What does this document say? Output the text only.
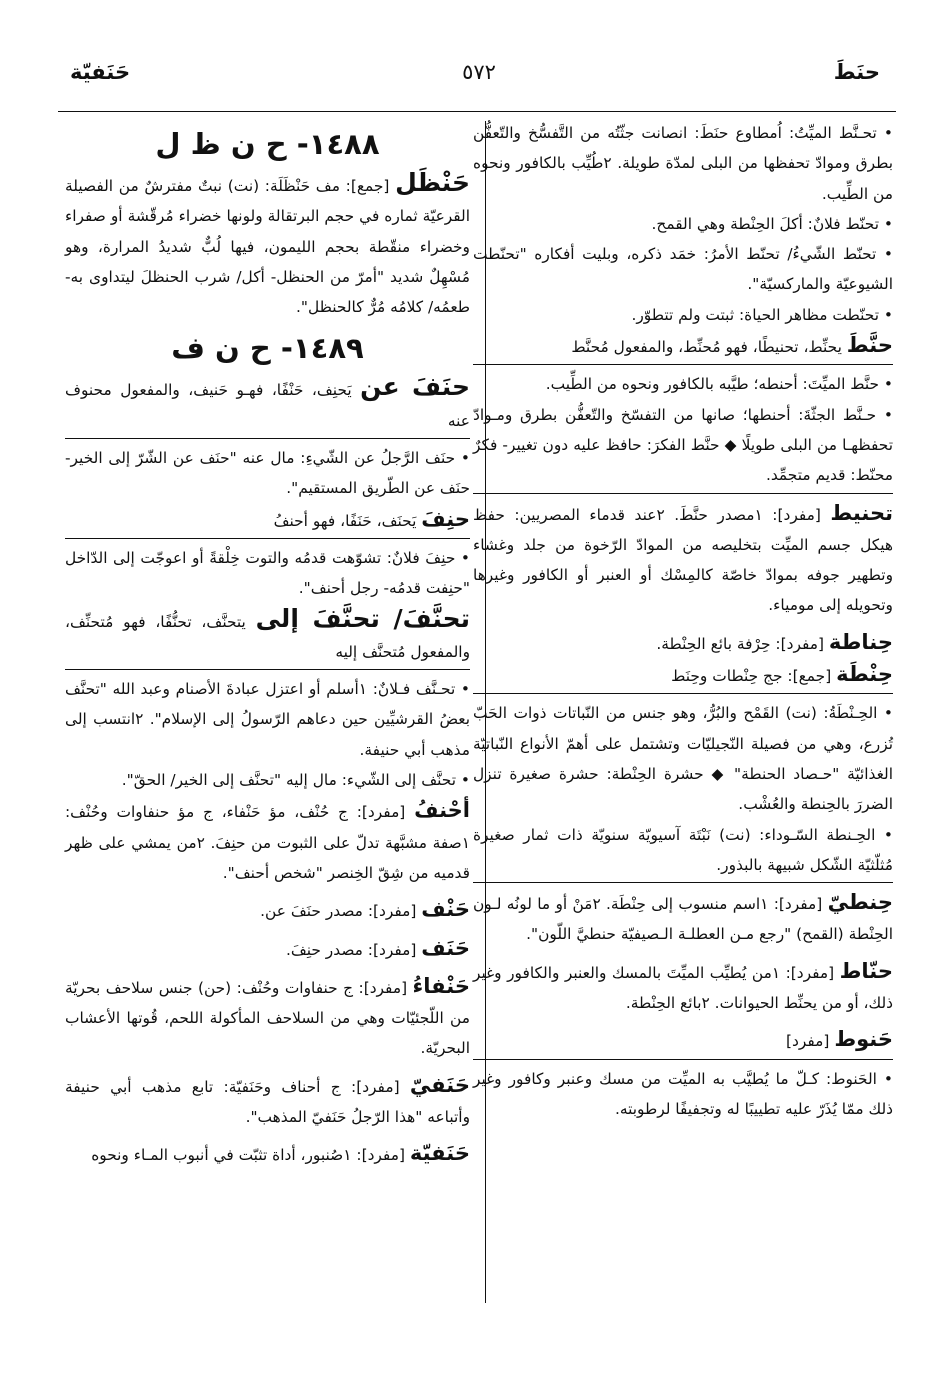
حنَطَ
٥٧٢
حَنَفيّة

• تحـنَّط الميِّتُ: اُمطاوع حنَطَ: انصانت جثّتُه من التَّفسُّخ والتّعفُّن بطرق وموادّ تحفظها من البلى لمدّة طويلة. ٢طُيِّب بالكافور ونحوه من الطِّيب.

• تحنّط فلانٌ: أكلَ الحِنْطة وهي القمح.

• تحنّط الشّيءُ/ تحنّط الأمرُ: خمَد ذكره، وبليت أفكاره "تحنّطت الشيوعيّة والماركسيّة".

• تحنّطت مظاهر الحياة: ثبتت ولم تتطوّر.

حنَّطَ يحنِّط، تحنيطًا، فهو مُحنِّط، والمفعول مُحنَّط

• حنَّط الميِّتَ: أحنطه؛ طيَّبه بالكافور ونحوه من الطِّيب.

• حـنَّط الجثّةَ: أحنطها؛ صانها من التفسّخ والتّعفُّن بطرق ومـوادّ تحفظهـا من البلى طويلًا ◆ حنَّط الفكرَ: حافظ عليه دون تغيير- فكرٌ محنّط: قديم متجمِّد.

تحنيط [مفرد]: ١مصدر حنَّطَ. ٢عند قدماء المصريين: حفظ هيكل جسم الميِّت بتخليصه من الموادّ الرّخوة من جلد وغشاء وتطهير جوفه بموادّ خاصّة كالمِسْك أو العنبر أو الكافور وغيرها وتحويله إلى مومياء.

حِناطة [مفرد]: حِرْفة بائع الحِنْطة.

حِنْطَة [جمع]: جج حِنْطات وحِنَط

• الحِـنْطَةُ: (نت) القَمْح والبُرُّ، وهو جنس من النّباتات ذوات الحَبّ تُزرع، وهي من فصيلة النّجيليّات وتشتمل على أهمّ الأنواع النّباتيّة الغذائيّة "حـصاد الحنطة" ◆ حشرة الحِنْطة: حشرة صغيرة تنزل الضررَ بالحِنطة والعُشْب.

• الحِـنطة السّـوداء: (نت) نَبْتَة آسيويّة سنويّة ذات ثمار صغيرة مُثلّثيّة الشّكل شبيهة بالبذور.

حِنطيّ [مفرد]: ١اسم منسوب إلى حِنْطَة. ٢مَنْ أو ما لونُه لـون الحِنْطة (القمح) "رجع مـن العطلـة الـصيفيّة حنطيَّ اللّون".

حنّاط [مفرد]: ١من يُطيِّب الميِّتَ بالمسك والعنبر والكافور وغير ذلك، أو من يحنِّط الحيوانات. ٢بائع الحِنْطة.

حَنوط [مفرد]

• الحَنوط: كـلّ ما يُطيَّب به الميِّت من مسك وعنبر وكافور وغير ذلك ممّا يُذَرّ عليه تطييبًا له وتجفيفًا لرطوبته.

١٤٨٨- ح ن ظ ل

حَنْظَل [جمع]: مف حَنْظَلَة: (نت) نبتٌ مفترشٌ من الفصيلة القرعيّة ثماره في حجم البرتقالة ولونها خضراء مُرقّشة أو صفراء وخضراء منقّطة بحجم الليمون، فيها لُبٌّ شديدُ المرارة، وهو مُسْهِلٌ شديد "أمرّ من الحنظل- أكل/ شرب الحنظلَ ليتداوى به- طعمُه/ كلامُه مُرٌّ كالحنظل".

١٤٨٩- ح ن ف

حنَفَ عن يَحنِف، حَنْفًا، فهـو حَنيف، والمفعول محنوف عنه

• حنَف الرَّجلُ عن الشّيءِ: مال عنه "حنَف عن الشّرّ إلى الخير- حنَف عن الطّريق المستقيم".

حنِفَ يَحنَف، حَنَفًا، فهو أحنفُ

• حنِفَ فلانٌ: تشوّهت قدمُه والتوت خِلْقةً أو اعوجّت إلى الدّاخل "حنِفت قدمُه- رجل أحنف".

تحنَّفَ/ تحنَّفَ إلى يتحنَّف، تحنُّفًا، فهو مُتحنِّف، والمفعول مُتحنَّف إليه

• تحـنَّف فـلانٌ: ١أسلم أو اعتزل عبادةَ الأصنام وعبد الله "تحنَّف بعضُ القرشيِّين حين دعاهم الرّسولُ إلى الإسلام". ٢انتسب إلى مذهب أبي حنيفة.

• تحنَّف إلى الشّيء: مال إليه "تحنَّف إلى الخير/ الحقّ".

أحْنفُ [مفرد]: ج حُنْف، مؤ حَنْفاء، ج مؤ حنفاوات وحُنْف: ١صفة مشبَّهة تدلّ على الثبوت من حنِفَ. ٢من يمشي على ظهر قدميه من شِقّ الخِنصر "شخص أحنف".

حَنْف [مفرد]: مصدر حنَفَ عن.

حَنَف [مفرد]: مصدر حنِفَ.

حَنْفاءُ [مفرد]: ج حنفاوات وحُنْف: (حن) جنس سلاحف بحريّة من اللّجئيّات وهي من السلاحف المأكولة اللحم، قُوتها الأعشاب البحريّة.

حَنَفيّ [مفرد]: ج أحناف وحَنَفيّة: تابع مذهب أبي حنيفة وأتباعه "هذا الرّجلُ حَنَفيّ المذهب".

حَنَفيّة [مفرد]: ١صُنبور، أداة تثبّت في أنبوب المـاء ونحوه
